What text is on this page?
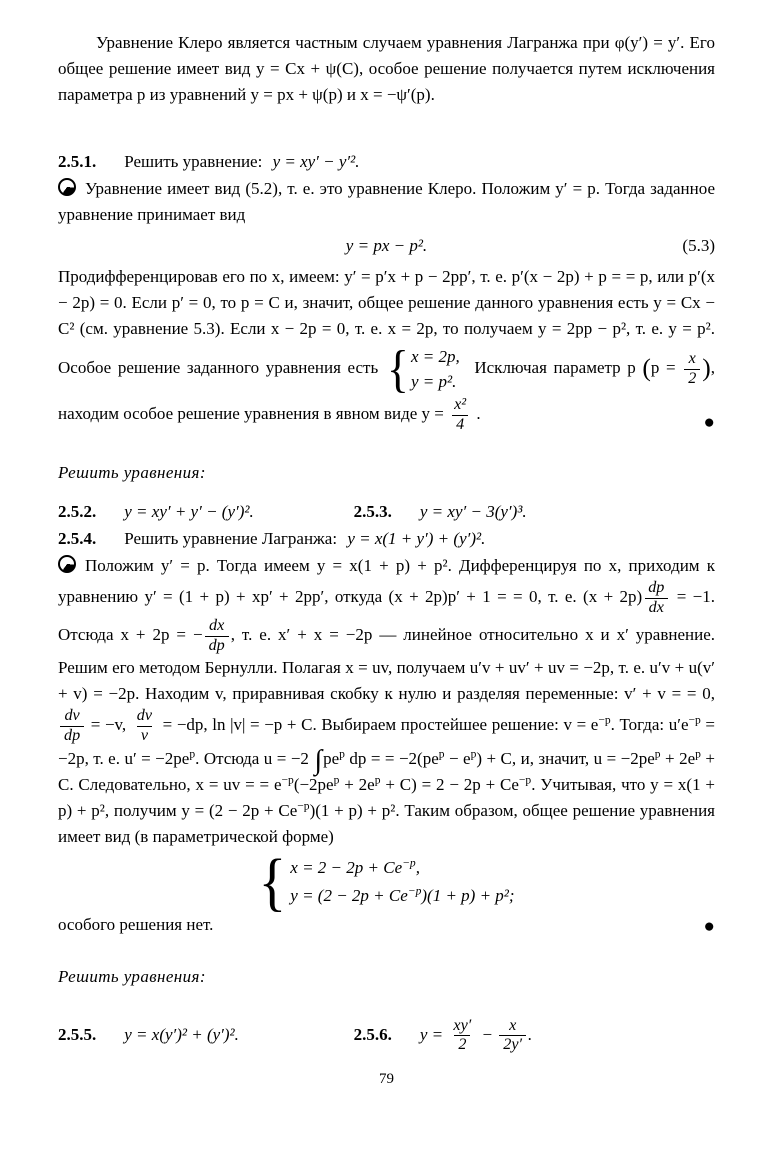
Уравнение Клеро является частным случаем уравнения Лагранжа при φ(y′) = y′. Его общее решение имеет вид y = Cx + ψ(C), особое решение получается путем исключения параметра p из уравнений y = px + ψ(p) и x = −ψ′(p).

2.5.1. Решить уравнение: y = xy′ − y′².

Уравнение имеет вид (5.2), т. е. это уравнение Клеро. Положим y′ = p. Тогда заданное уравнение принимает вид

y = px − p².	(5.3)

Продифференцировав его по x, имеем: y′ = p′x + p − 2pp′, т. е. p′(x − 2p) + p = = p, или p′(x − 2p) = 0. Если p′ = 0, то p = C и, значит, общее решение данного уравнения есть y = Cx − C² (см. уравнение 5.3). Если x − 2p = 0, т. е. x = 2p, то получаем y = 2pp − p², т. е. y = p². Особое решение заданного уравнения есть { x = 2p,
y = p².
Исключая параметр p ($p = \frac{x}{2}$ ), находим особое решение уравнения в явном виде $y = \frac{\text{x²}}{4}$ .	●

Решить уравнения:

2.5.2. y = xy′ + y′ − (y′)².	2.5.3. y = xy′ − 3(y′)³.
2.5.4. Решить уравнение Лагранжа: y = x(1 + y′) + (y′)².

Положим y′ = p. Тогда имеем y = x(1 + p) + p². Дифференцируя по x, приходим к уравнению y′ = (1 + p) + xp′ + 2pp′, откуда (x + 2p)p′ + 1 = = 0, т. е. $(x + 2p) \frac{dp}{dx} = -1$. Отсюда x + 2p = − $\frac{dx}{dp}$ , т. е. x′ + x = −2p — линейное относительно x и x′ уравнение. Решим его методом Бернулли. Полагая x = uv, получаем u′v + uv′ + uv = −2p, т. е. u′v + u(v′ + v) = −2p. Находим v, приравнивая скобку к нулю и разделяя переменные: v′ + v = = 0,
$\frac{dv}{dp} = -v$, $\frac{dv}{v} = -dp$, ln |v| = −p + C. Выбираем простейшее решение: $v = e^{-p}$. Тогда: $u'e^{-p} = -2p$, т. е. $u' = -2pe^p$. Отсюда u = −2 $\int pe^p$ dp = = $-2(pe^p - e^p) + C$, и, значит, $u = -2pe^p + 2e^p + C$. Следовательно, x = uv = = $e^{-p}(-2pe^p + 2e^p + C) = 2 - 2p + Ce^{-p}$. Учитывая, что y = x(1 + p) + p², получим $y = (2 - 2p + Ce^{-p})(1 + p) + p^2$. Таким образом, общее решение уравнения имеет вид (в параметрической форме)

{ $x = 2 - 2p + Ce^{-p}$,
$y = (2 - 2p + Ce^{-p})(1 + p) + p^2$;

особого решения нет.	●

Решить уравнения:

2.5.5. y = x(y′)² + (y′)².	2.5.6. $y = \frac{xy'}{2} - \frac{x}{2y'}$ .

79
